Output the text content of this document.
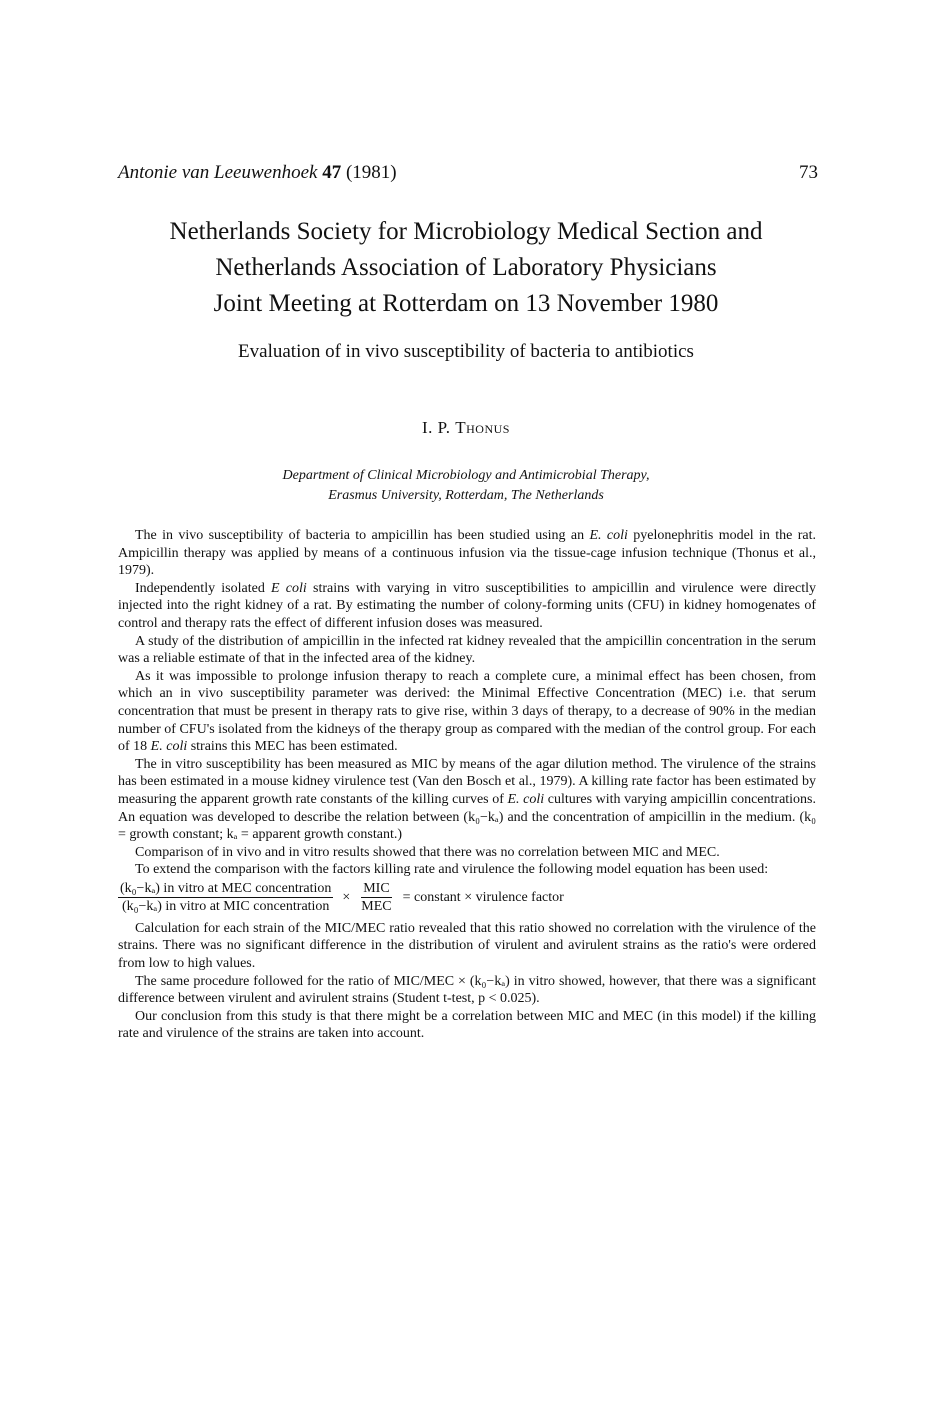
Antonie van Leeuwenhoek 47 (1981)	73
Netherlands Society for Microbiology Medical Section and
Netherlands Association of Laboratory Physicians
Joint Meeting at Rotterdam on 13 November 1980
Evaluation of in vivo susceptibility of bacteria to antibiotics
I. P. Thonus
Department of Clinical Microbiology and Antimicrobial Therapy,
Erasmus University, Rotterdam, The Netherlands

The in vivo susceptibility of bacteria to ampicillin has been studied using an E. coli pyelonephritis model in the rat. Ampicillin therapy was applied by means of a continuous infusion via the tissue-cage infusion technique (Thonus et al., 1979).

Independently isolated E coli strains with varying in vitro susceptibilities to ampicillin and virulence were directly injected into the right kidney of a rat. By estimating the number of colony-forming units (CFU) in kidney homogenates of control and therapy rats the effect of different infusion doses was measured.

A study of the distribution of ampicillin in the infected rat kidney revealed that the ampicillin concentration in the serum was a reliable estimate of that in the infected area of the kidney.

As it was impossible to prolonge infusion therapy to reach a complete cure, a minimal effect has been chosen, from which an in vivo susceptibility parameter was derived: the Minimal Effective Concentration (MEC) i.e. that serum concentration that must be present in therapy rats to give rise, within 3 days of therapy, to a decrease of 90% in the median number of CFU's isolated from the kidneys of the therapy group as compared with the median of the control group. For each of 18 E. coli strains this MEC has been estimated.

The in vitro susceptibility has been measured as MIC by means of the agar dilution method. The virulence of the strains has been estimated in a mouse kidney virulence test (Van den Bosch et al., 1979). A killing rate factor has been estimated by measuring the apparent growth rate constants of the killing curves of E. coli cultures with varying ampicillin concentrations. An equation was developed to describe the relation between (k₀−kₐ) and the concentration of ampicillin in the medium. (k₀ = growth constant; kₐ = apparent growth constant.)

Comparison of in vivo and in vitro results showed that there was no correlation between MIC and MEC.

To extend the comparison with the factors killing rate and virulence the following model equation has been used:

$\frac{\text{(k₀−kₐ) in vitro at MEC concentration}}{\text{(k₀−kₐ) in vitro at MIC concentration}} \times \frac{\text{MIC}}{\text{MEC}}$ = constant × virulence factor

Calculation for each strain of the MIC/MEC ratio revealed that this ratio showed no correlation with the virulence of the strains. There was no significant difference in the distribution of virulent and avirulent strains as the ratio's were ordered from low to high values.

The same procedure followed for the ratio of MIC/MEC × (k₀−kₐ) in vitro showed, however, that there was a significant difference between virulent and avirulent strains (Student t-test, p < 0.025).

Our conclusion from this study is that there might be a correlation between MIC and MEC (in this model) if the killing rate and virulence of the strains are taken into account.
